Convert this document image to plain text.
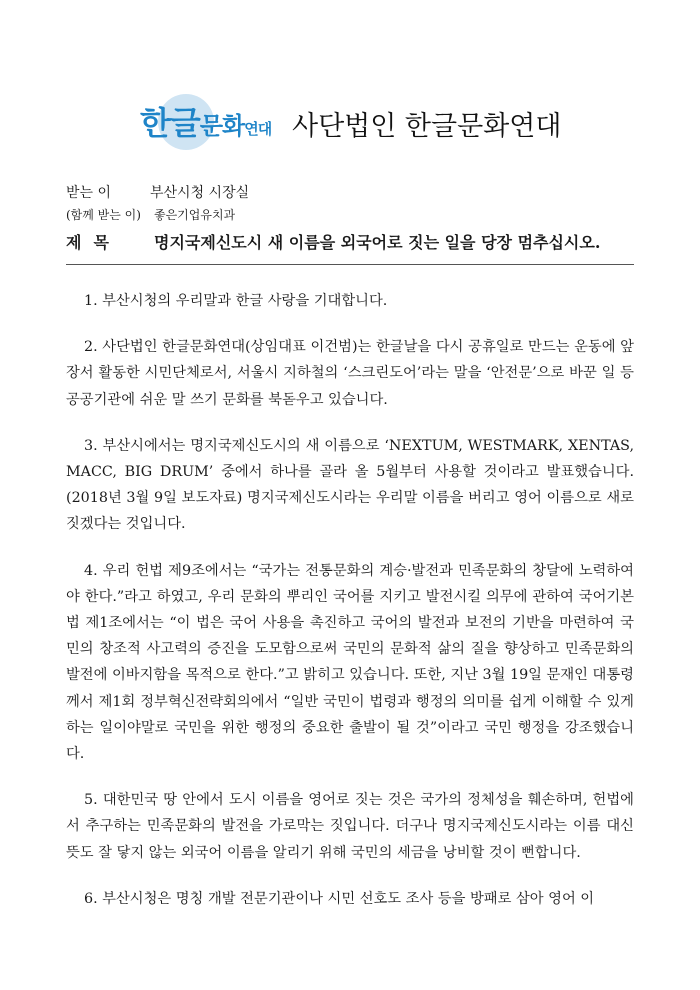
한글문화연대 사단법인 한글문화연대
받는 이	부산시청 시장실
(함께 받는 이)	좋은기업유치과
제목	명지국제신도시 새 이름을 외국어로 짓는 일을 당장 멈추십시오.

1. 부산시청의 우리말과 한글 사랑을 기대합니다.

2. 사단법인 한글문화연대(상임대표 이건범)는 한글날을 다시 공휴일로 만드는 운동에 앞장서 활동한 시민단체로서, 서울시 지하철의 ‘스크린도어’라는 말을 ‘안전문’으로 바꾼 일 등 공공기관에 쉬운 말 쓰기 문화를 북돋우고 있습니다.

3. 부산시에서는 명지국제신도시의 새 이름으로 ‘NEXTUM, WESTMARK, XENTAS, MACC, BIG DRUM’ 중에서 하나를 골라 올 5월부터 사용할 것이라고 발표했습니다. (2018년 3월 9일 보도자료) 명지국제신도시라는 우리말 이름을 버리고 영어 이름으로 새로 짓겠다는 것입니다.

4. 우리 헌법 제9조에서는 “국가는 전통문화의 계승·발전과 민족문화의 창달에 노력하여야 한다.”라고 하였고, 우리 문화의 뿌리인 국어를 지키고 발전시킬 의무에 관하여 국어기본법 제1조에서는 “이 법은 국어 사용을 촉진하고 국어의 발전과 보전의 기반을 마련하여 국민의 창조적 사고력의 증진을 도모함으로써 국민의 문화적 삶의 질을 향상하고 민족문화의 발전에 이바지함을 목적으로 한다.”고 밝히고 있습니다. 또한, 지난 3월 19일 문재인 대통령께서 제1회 정부혁신전략회의에서 “일반 국민이 법령과 행정의 의미를 쉽게 이해할 수 있게 하는 일이야말로 국민을 위한 행정의 중요한 출발이 될 것”이라고 국민 행정을 강조했습니다.

5. 대한민국 땅 안에서 도시 이름을 영어로 짓는 것은 국가의 정체성을 훼손하며, 헌법에서 추구하는 민족문화의 발전을 가로막는 짓입니다. 더구나 명지국제신도시라는 이름 대신 뜻도 잘 닿지 않는 외국어 이름을 알리기 위해 국민의 세금을 낭비할 것이 뻔합니다.

6. 부산시청은 명칭 개발 전문기관이나 시민 선호도 조사 등을 방패로 삼아 영어 이
